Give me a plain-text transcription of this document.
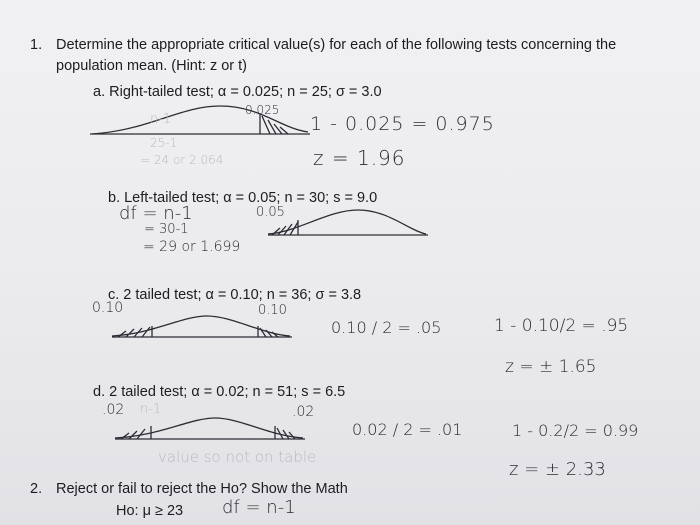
1. Determine the appropriate critical value(s) for each of the following tests concerning the
population mean. (Hint: z or t)
a. Right-tailed test; α = 0.025; n = 25; σ = 3.0
n-1
25-1
= 24 or 2.064
0.025
1 - 0.025 = 0.975
z = 1.96
b. Left-tailed test; α = 0.05; n = 30; s = 9.0
df = n-1
= 30-1
= 29 or 1.699
0.05
c. 2 tailed test; α = 0.10; n = 36; σ = 3.8
0.10	0.10
0.10 / 2 = .05	1 - 0.10/2 = .95
z = ± 1.65
d. 2 tailed test; α = 0.02; n = 51; s = 6.5
.02 n-1	.02
value so not on table
0.02 / 2 = .01	1 - 0.2/2 = 0.99
z = ± 2.33
2. Reject or fail to reject the Ho? Show the Math
Ho: μ ≥ 23 df = n-1
